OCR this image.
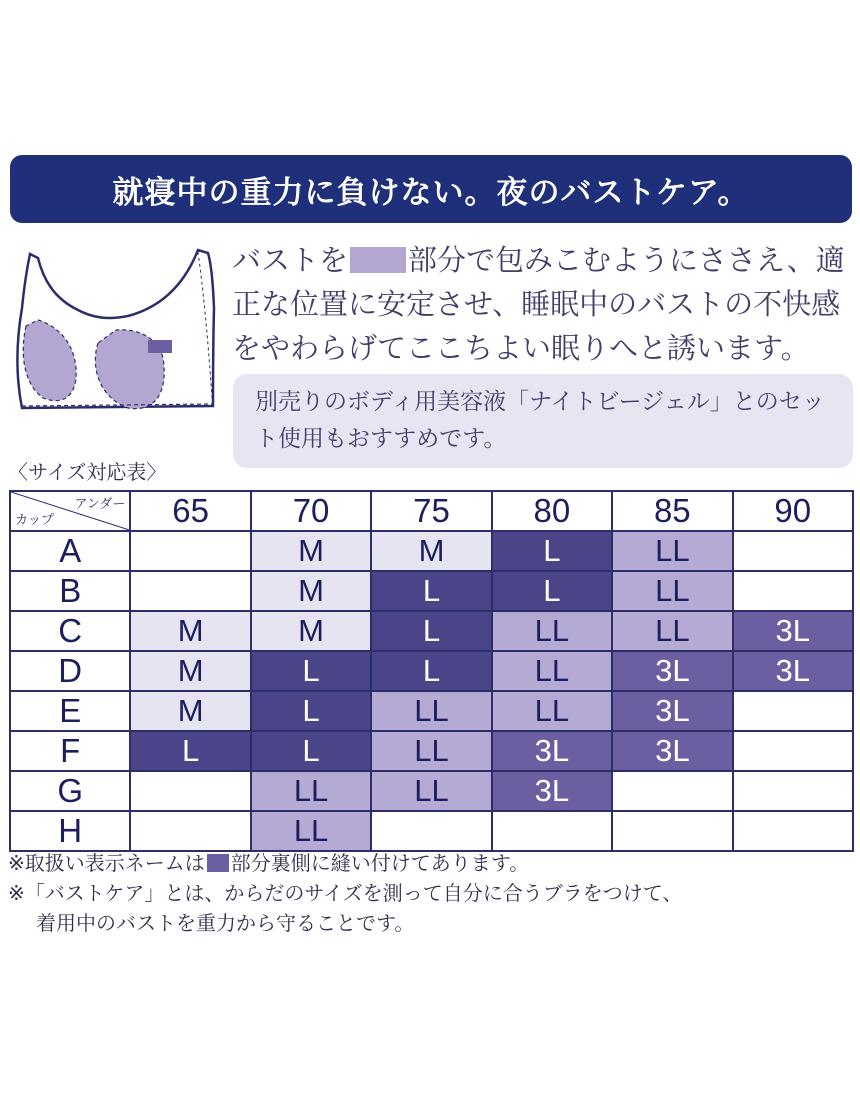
就寝中の重力に負けない。夜のバストケア。

バストを 部分で包みこむようにささえ、適正な位置に安定させ、睡眠中のバストの不快感をやわらげてここちよい眠りへと誘います。

別売りのボディ用美容液「ナイトビージェル」とのセット使用もおすすめです。

〈サイズ対応表〉
アンダー
カップ	65	70	75	80	85	90
A		M	M	L	LL	
B		M	L	L	LL	
C	M	M	L	LL	LL	3L
D	M	L	L	LL	3L	3L
E	M	L	LL	LL	3L	
F	L	L	LL	3L	3L	
G		LL	LL	3L		
H		LL				

※取扱い表示ネームは 部分裏側に縫い付けてあります。

※「バストケア」とは、からだのサイズを測って自分に合うブラをつけて、

着用中のバストを重力から守ることです。
